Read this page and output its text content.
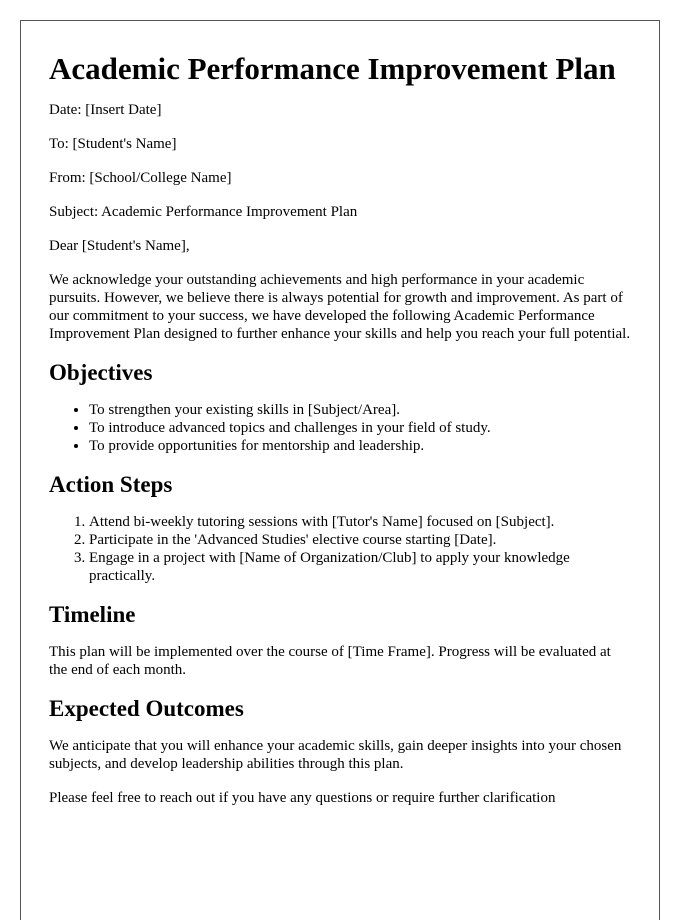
Academic Performance Improvement Plan

Date: [Insert Date]

To: [Student's Name]

From: [School/College Name]

Subject: Academic Performance Improvement Plan

Dear [Student's Name],

We acknowledge your outstanding achievements and high performance in your academic pursuits. However, we believe there is always potential for growth and improvement. As part of our commitment to your success, we have developed the following Academic Performance Improvement Plan designed to further enhance your skills and help you reach your full potential.

Objectives
• To strengthen your existing skills in [Subject/Area].
• To introduce advanced topics and challenges in your field of study.
• To provide opportunities for mentorship and leadership.
Action Steps
1. Attend bi-weekly tutoring sessions with [Tutor's Name] focused on [Subject].
2. Participate in the 'Advanced Studies' elective course starting [Date].
3. Engage in a project with [Name of Organization/Club] to apply your knowledge practically.
Timeline

This plan will be implemented over the course of [Time Frame]. Progress will be evaluated at the end of each month.

Expected Outcomes

We anticipate that you will enhance your academic skills, gain deeper insights into your chosen subjects, and develop leadership abilities through this plan.

Please feel free to reach out if you have any questions or require further clarification
